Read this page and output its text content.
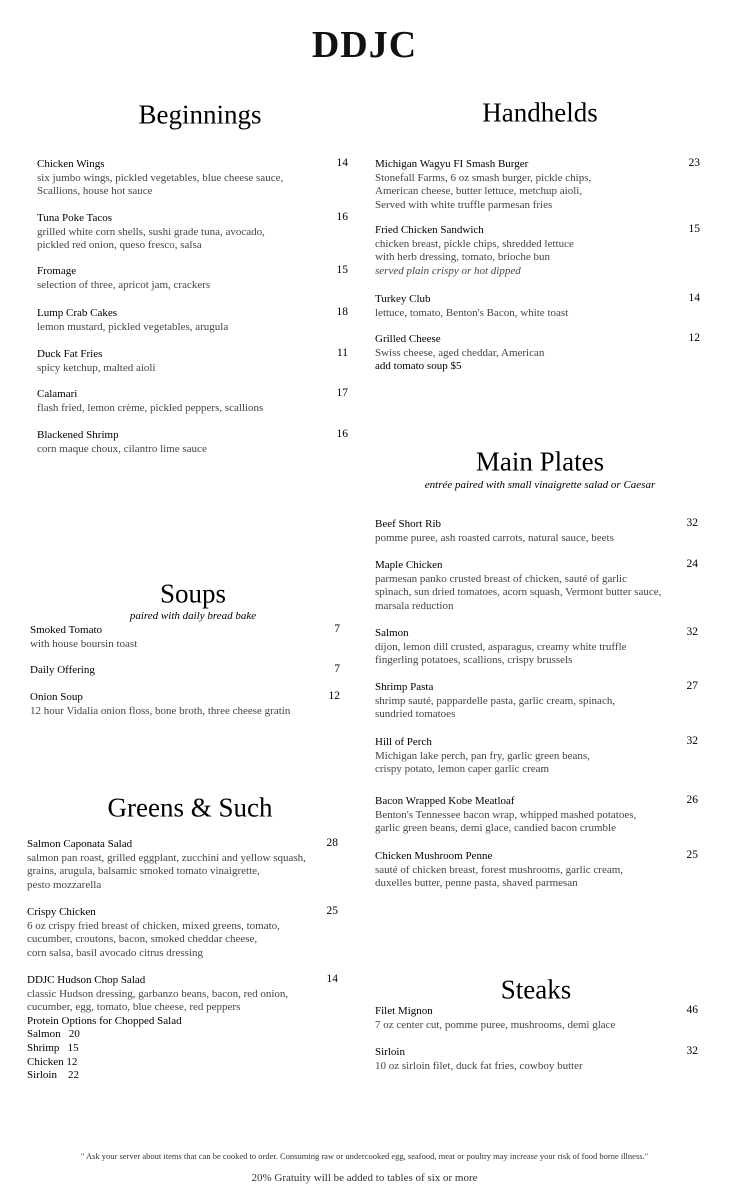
DDJC
Beginnings
Chicken Wings
six jumbo wings, pickled vegetables, blue cheese sauce,
Scallions, house hot sauce
14
Tuna Poke Tacos
grilled white corn shells, sushi grade tuna, avocado,
pickled red onion, queso fresco, salsa
16
Fromage
selection of three, apricot jam, crackers
15
Lump Crab Cakes
lemon mustard, pickled vegetables, arugula
18
Duck Fat Fries
spicy ketchup, malted aioli
11
Calamari
flash fried, lemon crème, pickled peppers, scallions
17
Blackened Shrimp
corn maque choux, cilantro lime sauce
16
Handhelds
Michigan Wagyu FI Smash Burger
Stonefall Farms, 6 oz smash burger, pickle chips,
American cheese, butter lettuce, metchup aioli,
Served with white truffle parmesan fries
23
Fried Chicken Sandwich
chicken breast, pickle chips, shredded lettuce
with herb dressing, tomato, brioche bun
served plain crispy or hot dipped
15
Turkey Club
lettuce, tomato, Benton's Bacon, white toast
14
Grilled Cheese
Swiss cheese, aged cheddar, American
add tomato soup $5
12
Soups
paired with daily bread bake
Smoked Tomato
with house boursin toast
7
Daily Offering	7
Onion Soup
12 hour Vidalia onion floss, bone broth, three cheese gratin
12
Greens & Such
Salmon Caponata Salad
salmon pan roast, grilled eggplant, zucchini and yellow squash,
grains, arugula, balsamic smoked tomato vinaigrette,
pesto mozzarella
28
Crispy Chicken
6 oz crispy fried breast of chicken, mixed greens, tomato,
cucumber, croutons, bacon, smoked cheddar cheese,
corn salsa, basil avocado citrus dressing
25
DDJC Hudson Chop Salad
classic Hudson dressing, garbanzo beans, bacon, red onion,
cucumber, egg, tomato, blue cheese, red peppers
Protein Options for Chopped Salad
Salmon   20
Shrimp   15
Chicken 12
Sirloin    22
14
Main Plates
entrée paired with small vinaigrette salad or Caesar
Beef Short Rib
pomme puree, ash roasted carrots, natural sauce, beets
32
Maple Chicken
parmesan panko crusted breast of chicken, sauté of garlic
spinach, sun dried tomatoes, acorn squash, Vermont butter sauce,
marsala reduction
24
Salmon
dijon, lemon dill crusted, asparagus, creamy white truffle
fingerling potatoes, scallions, crispy brussels
32
Shrimp Pasta
shrimp sauté, pappardelle pasta, garlic cream, spinach,
sundried tomatoes
27
Hill of Perch
Michigan lake perch, pan fry, garlic green beans,
crispy potato, lemon caper garlic cream
32
Bacon Wrapped Kobe Meatloaf
Benton's Tennessee bacon wrap, whipped mashed potatoes,
garlic green beans, demi glace, candied bacon crumble
26
Chicken Mushroom Penne
sauté of chicken breast, forest mushrooms, garlic cream,
duxelles butter, penne pasta, shaved parmesan
25
Steaks
Filet Mignon
7 oz center cut, pomme puree, mushrooms, demi glace
46
Sirloin
10 oz sirloin filet, duck fat fries, cowboy butter
32
" Ask your server about items that can be cooked to order. Consuming raw or undercooked egg, seafood, meat or poultry may increase your risk of food borne illness."
20% Gratuity will be added to tables of six or more
